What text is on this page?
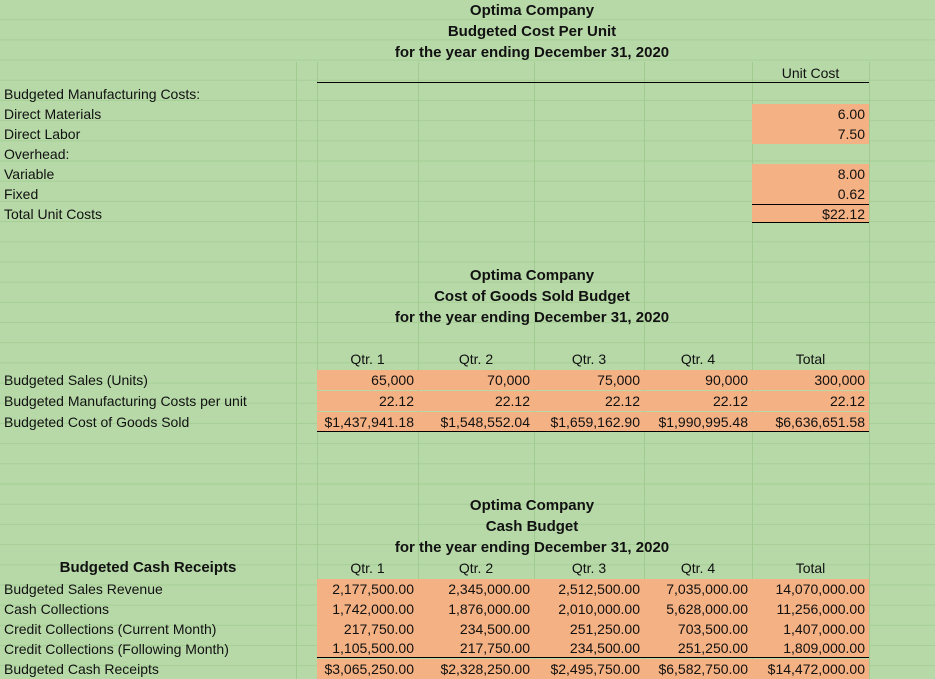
Optima Company
Budgeted Cost Per Unit
for the year ending December 31, 2020
Unit Cost
Budgeted Manufacturing Costs:
Direct Materials	6.00
Direct Labor	7.50
Overhead:
Variable	8.00
Fixed	0.62
Total Unit Costs	$22.12
Optima Company
Cost of Goods Sold Budget
for the year ending December 31, 2020
Qtr. 1	Qtr. 2	Qtr. 3	Qtr. 4	Total
Budgeted Sales (Units)	65,000	70,000	75,000	90,000	300,000
Budgeted Manufacturing Costs per unit	22.12	22.12	22.12	22.12	22.12
Budgeted Cost of Goods Sold	$1,437,941.18	$1,548,552.04	$1,659,162.90	$1,990,995.48	$6,636,651.58
Optima Company
Cash Budget
for the year ending December 31, 2020
Budgeted Cash Receipts	Qtr. 1	Qtr. 2	Qtr. 3	Qtr. 4	Total
Budgeted Sales Revenue	2,177,500.00	2,345,000.00	2,512,500.00	7,035,000.00	14,070,000.00
Cash Collections	1,742,000.00	1,876,000.00	2,010,000.00	5,628,000.00	11,256,000.00
Credit Collections (Current Month)	217,750.00	234,500.00	251,250.00	703,500.00	1,407,000.00
Credit Collections (Following Month)	1,105,500.00	217,750.00	234,500.00	251,250.00	1,809,000.00
Budgeted Cash Receipts	$3,065,250.00	$2,328,250.00	$2,495,750.00	$6,582,750.00	$14,472,000.00
